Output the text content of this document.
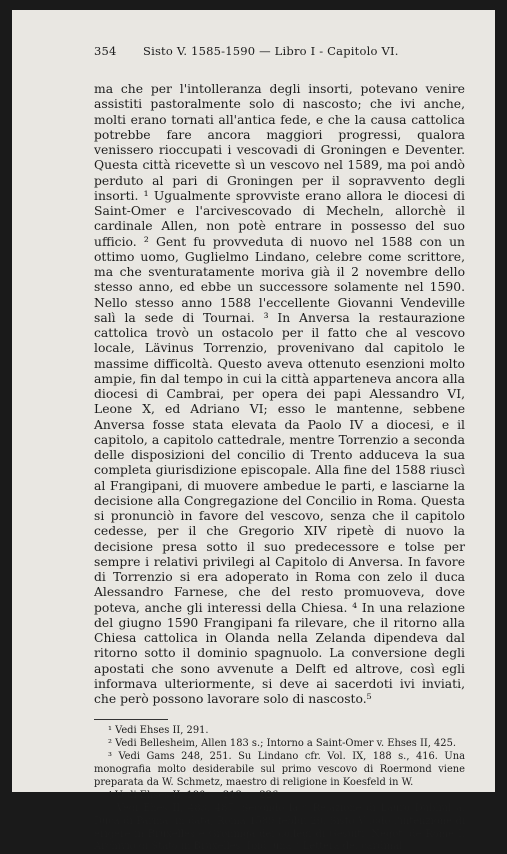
354	Sisto V. 1585-1590 — Libro I - Capitolo VI.

ma che per l'intolleranza degli insorti, potevano venire assistiti pastoralmente solo di nascosto; che ivi anche, molti erano tornati all'antica fede, e che la causa cattolica potrebbe fare ancora maggiori progressi, qualora venissero rioccupati i vescovadi di Groningen e Deventer. Questa città ricevette sì un vescovo nel 1589, ma poi andò perduto al pari di Groningen per il sopravvento degli insorti. ¹ Ugualmente sprovviste erano allora le diocesi di Saint-Omer e l'arcivescovado di Mecheln, allorchè il cardinale Allen, non potè entrare in possesso del suo ufficio. ² Gent fu provveduta di nuovo nel 1588 con un ottimo uomo, Guglielmo Lindano, celebre come scrittore, ma che sventuratamente moriva già il 2 novembre dello stesso anno, ed ebbe un successore solamente nel 1590. Nello stesso anno 1588 l'eccellente Giovanni Vendeville salì la sede di Tournai. ³ In Anversa la restaurazione cattolica trovò un ostacolo per il fatto che al vescovo locale, Lävinus Torrenzio, provenivano dal capitolo le massime difficoltà. Questo aveva ottenuto esenzioni molto ampie, fin dal tempo in cui la città apparteneva ancora alla diocesi di Cambrai, per opera dei papi Alessandro VI, Leone X, ed Adriano VI; esso le mantenne, sebbene Anversa fosse stata elevata da Paolo IV a diocesi, e il capitolo, a capitolo cattedrale, mentre Torrenzio a seconda delle disposizioni del concilio di Trento adduceva la sua completa giurisdizione episcopale. Alla fine del 1588 riuscì al Frangipani, di muovere ambedue le parti, e lasciarne la decisione alla Congregazione del Concilio in Roma. Questa si pronunciò in favore del vescovo, senza che il capitolo cedesse, per il che Gregorio XIV ripetè di nuovo la decisione presa sotto il suo predecessore e tolse per sempre i relativi privilegi al Capitolo di Anversa. In favore di Torrenzio si era adoperato in Roma con zelo il duca Alessandro Farnese, che del resto promuoveva, dove poteva, anche gli interessi della Chiesa. ⁴ In una relazione del giugno 1590 Frangipani fa rilevare, che il ritorno alla Chiesa cattolica in Olanda nella Zelanda dipendeva dal ritorno sotto il dominio spagnuolo. La conversione degli apostati che sono avvenute a Delft ed altrove, così egli informava ulteriormente, si deve ai sacerdoti ivi inviati, che però possono lavorare solo di nascosto.⁵

¹ Vedi Ehses II, 291.

² Vedi Bellesheim, Allen 183 s.; Intorno a Saint-Omer v. Ehses II, 425.

³ Vedi Gams 248, 251. Su Lindano cfr. Vol. IX, 188 s., 416. Una monografia molto desiderabile sul primo vescovo di Roermond viene preparata da W. Schmetz, maestro di religione in Koesfeld in W.

⁴ Vedi Ehses II, 190 s., 213 s., 226.

⁵ Vedi Ehes II, 483, 487. Secondo la * Relazione di Lauro Dubliul al Duca di Parma, in data, Roma 1589 febbr. 29, Sisto V lodò l'intenzione di erigere in Bruxelles e Groninga dei collegi di Gesuiti. Negot. de Rome I. Archivio di Stato in Bruxelles. Ibid. una * Lettera del cardinal
